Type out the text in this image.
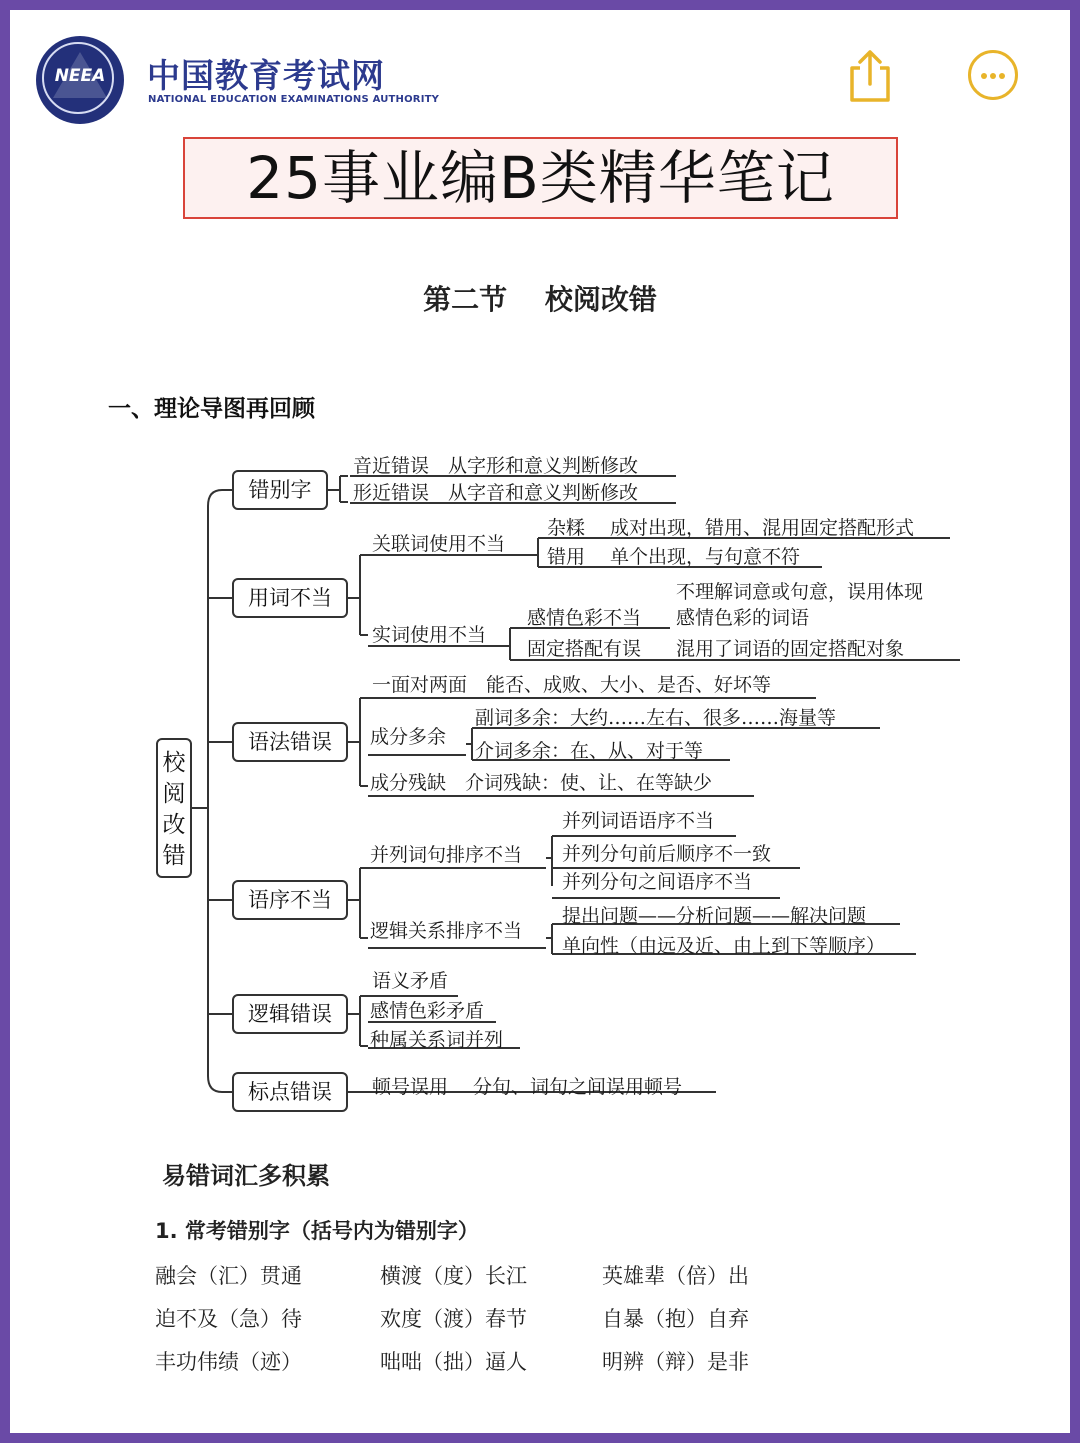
NEEA	中国教育考试网
NATIONAL EDUCATION EXAMINATIONS AUTHORITY
25事业编B类精华笔记
第二节　 校阅改错
一、理论导图再回顾
校
阅
改
错
错别字
用词不当
语法错误
语序不当
逻辑错误
标点错误
音近错误　从字形和意义判断修改
形近错误　从字音和意义判断修改
关联词使用不当
杂糅　 成对出现，错用、混用固定搭配形式
错用　 单个出现，与句意不符
实词使用不当
感情色彩不当
不理解词意或句意，误用体现
感情色彩的词语
固定搭配有误 混用了词语的固定搭配对象
一面对两面　能否、成败、大小、是否、好坏等
成分多余
副词多余：大约……左右、很多……海量等
介词多余：在、从、对于等
成分残缺　介词残缺：使、让、在等缺少
并列词句排序不当
并列词语语序不当
并列分句前后顺序不一致
并列分句之间语序不当
逻辑关系排序不当
提出问题——分析问题——解决问题
单向性（由远及近、由上到下等顺序）
语义矛盾
感情色彩矛盾
种属关系词并列
顿号误用　 分句、词句之间误用顿号
易错词汇多积累
1. 常考错别字（括号内为错别字）
融会（汇）贯通	横渡（度）长江	英雄辈（倍）出
迫不及（急）待	欢度（渡）春节	自暴（抱）自弃
丰功伟绩（迹）	咄咄（拙）逼人	明辨（辩）是非
